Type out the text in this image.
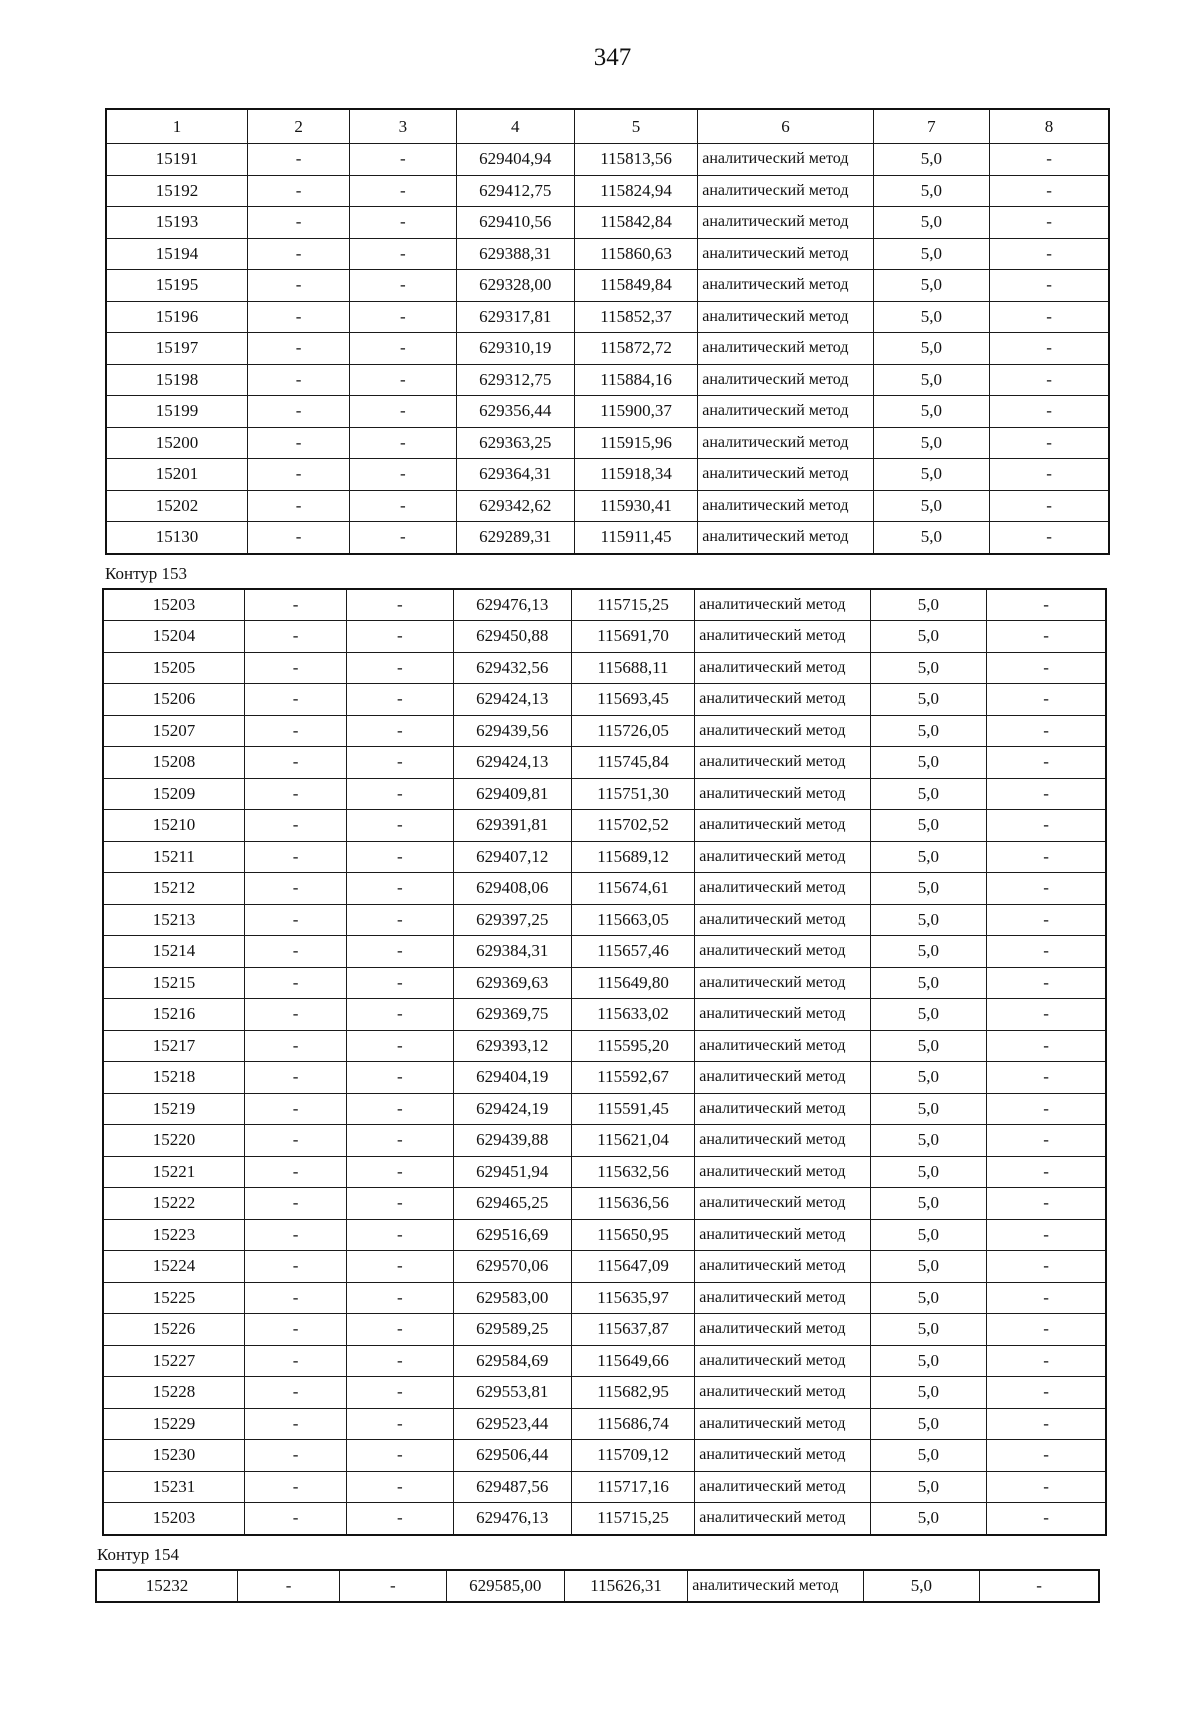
347
1	2	3	4	5	6	7	8
15191	-	-	629404,94	115813,56	аналитический метод	5,0	-
15192	-	-	629412,75	115824,94	аналитический метод	5,0	-
15193	-	-	629410,56	115842,84	аналитический метод	5,0	-
15194	-	-	629388,31	115860,63	аналитический метод	5,0	-
15195	-	-	629328,00	115849,84	аналитический метод	5,0	-
15196	-	-	629317,81	115852,37	аналитический метод	5,0	-
15197	-	-	629310,19	115872,72	аналитический метод	5,0	-
15198	-	-	629312,75	115884,16	аналитический метод	5,0	-
15199	-	-	629356,44	115900,37	аналитический метод	5,0	-
15200	-	-	629363,25	115915,96	аналитический метод	5,0	-
15201	-	-	629364,31	115918,34	аналитический метод	5,0	-
15202	-	-	629342,62	115930,41	аналитический метод	5,0	-
15130	-	-	629289,31	115911,45	аналитический метод	5,0	-
Контур 153
15203	-	-	629476,13	115715,25	аналитический метод	5,0	-
15204	-	-	629450,88	115691,70	аналитический метод	5,0	-
15205	-	-	629432,56	115688,11	аналитический метод	5,0	-
15206	-	-	629424,13	115693,45	аналитический метод	5,0	-
15207	-	-	629439,56	115726,05	аналитический метод	5,0	-
15208	-	-	629424,13	115745,84	аналитический метод	5,0	-
15209	-	-	629409,81	115751,30	аналитический метод	5,0	-
15210	-	-	629391,81	115702,52	аналитический метод	5,0	-
15211	-	-	629407,12	115689,12	аналитический метод	5,0	-
15212	-	-	629408,06	115674,61	аналитический метод	5,0	-
15213	-	-	629397,25	115663,05	аналитический метод	5,0	-
15214	-	-	629384,31	115657,46	аналитический метод	5,0	-
15215	-	-	629369,63	115649,80	аналитический метод	5,0	-
15216	-	-	629369,75	115633,02	аналитический метод	5,0	-
15217	-	-	629393,12	115595,20	аналитический метод	5,0	-
15218	-	-	629404,19	115592,67	аналитический метод	5,0	-
15219	-	-	629424,19	115591,45	аналитический метод	5,0	-
15220	-	-	629439,88	115621,04	аналитический метод	5,0	-
15221	-	-	629451,94	115632,56	аналитический метод	5,0	-
15222	-	-	629465,25	115636,56	аналитический метод	5,0	-
15223	-	-	629516,69	115650,95	аналитический метод	5,0	-
15224	-	-	629570,06	115647,09	аналитический метод	5,0	-
15225	-	-	629583,00	115635,97	аналитический метод	5,0	-
15226	-	-	629589,25	115637,87	аналитический метод	5,0	-
15227	-	-	629584,69	115649,66	аналитический метод	5,0	-
15228	-	-	629553,81	115682,95	аналитический метод	5,0	-
15229	-	-	629523,44	115686,74	аналитический метод	5,0	-
15230	-	-	629506,44	115709,12	аналитический метод	5,0	-
15231	-	-	629487,56	115717,16	аналитический метод	5,0	-
15203	-	-	629476,13	115715,25	аналитический метод	5,0	-
Контур 154
15232	-	-	629585,00	115626,31	аналитический метод	5,0	-
